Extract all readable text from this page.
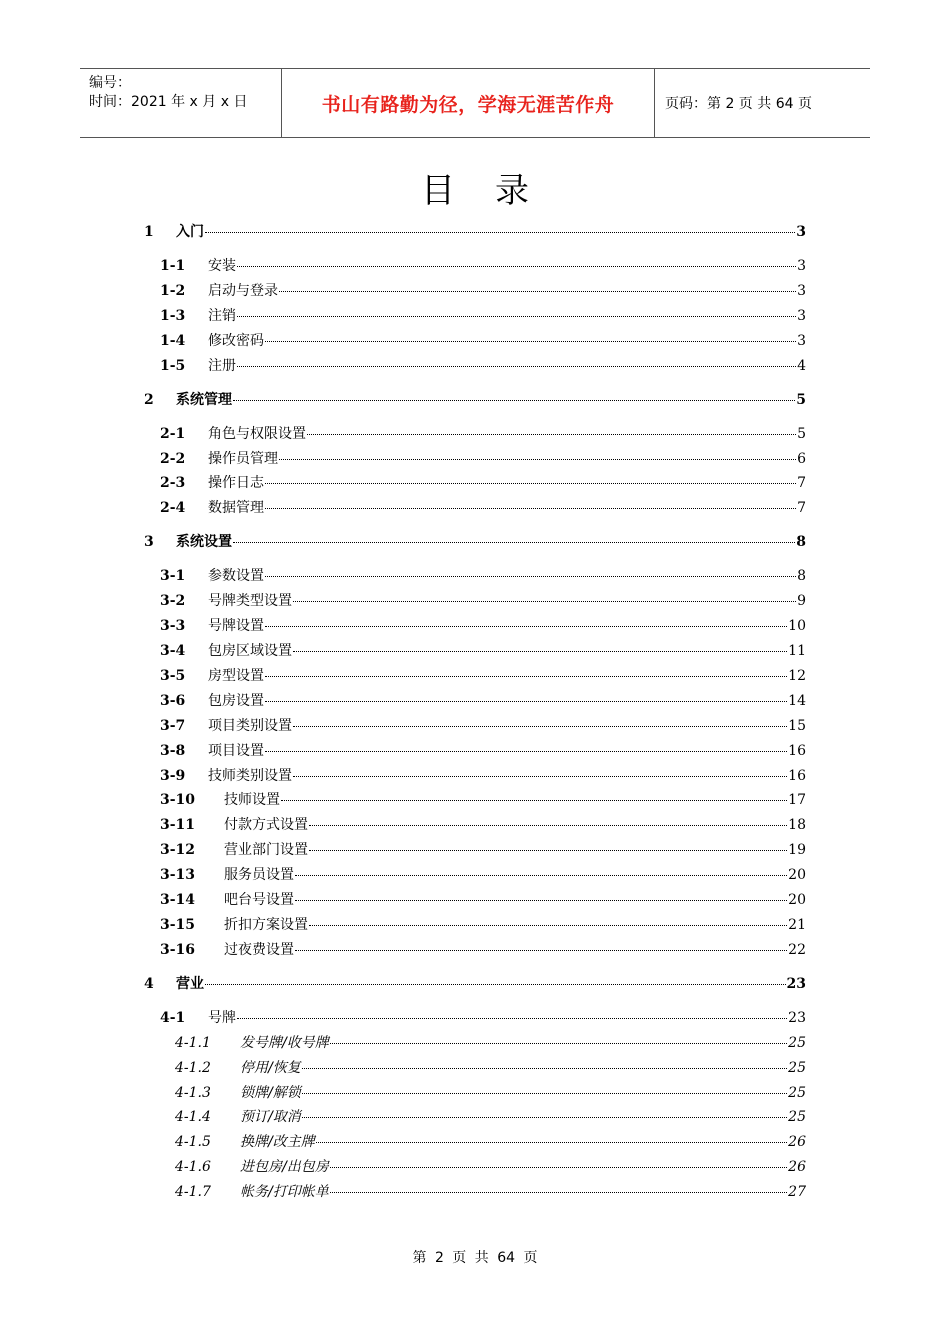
编号：
时间：2021 年 x 月 x 日	书山有路勤为径，学海无涯苦作舟	页码：第 2 页 共 64 页
目录
1	入门	3
1-1	安装	3
1-2	启动与登录	3
1-3	注销	3
1-4	修改密码	3
1-5	注册	4
2	系统管理	5
2-1	角色与权限设置	5
2-2	操作员管理	6
2-3	操作日志	7
2-4	数据管理	7
3	系统设置	8
3-1	参数设置	8
3-2	号牌类型设置	9
3-3	号牌设置	10
3-4	包房区域设置	11
3-5	房型设置	12
3-6	包房设置	14
3-7	项目类别设置	15
3-8	项目设置	16
3-9	技师类别设置	16
3-10	技师设置	17
3-11	付款方式设置	18
3-12	营业部门设置	19
3-13	服务员设置	20
3-14	吧台号设置	20
3-15	折扣方案设置	21
3-16	过夜费设置	22
4	营业	23
4-1	号牌	23
4-1.1	发号牌/收号牌	25
4-1.2	停用/恢复	25
4-1.3	锁牌/解锁	25
4-1.4	预订/取消	25
4-1.5	换牌/改主牌	26
4-1.6	进包房/出包房	26
4-1.7	帐务/打印帐单	27
第 2 页 共 64 页
